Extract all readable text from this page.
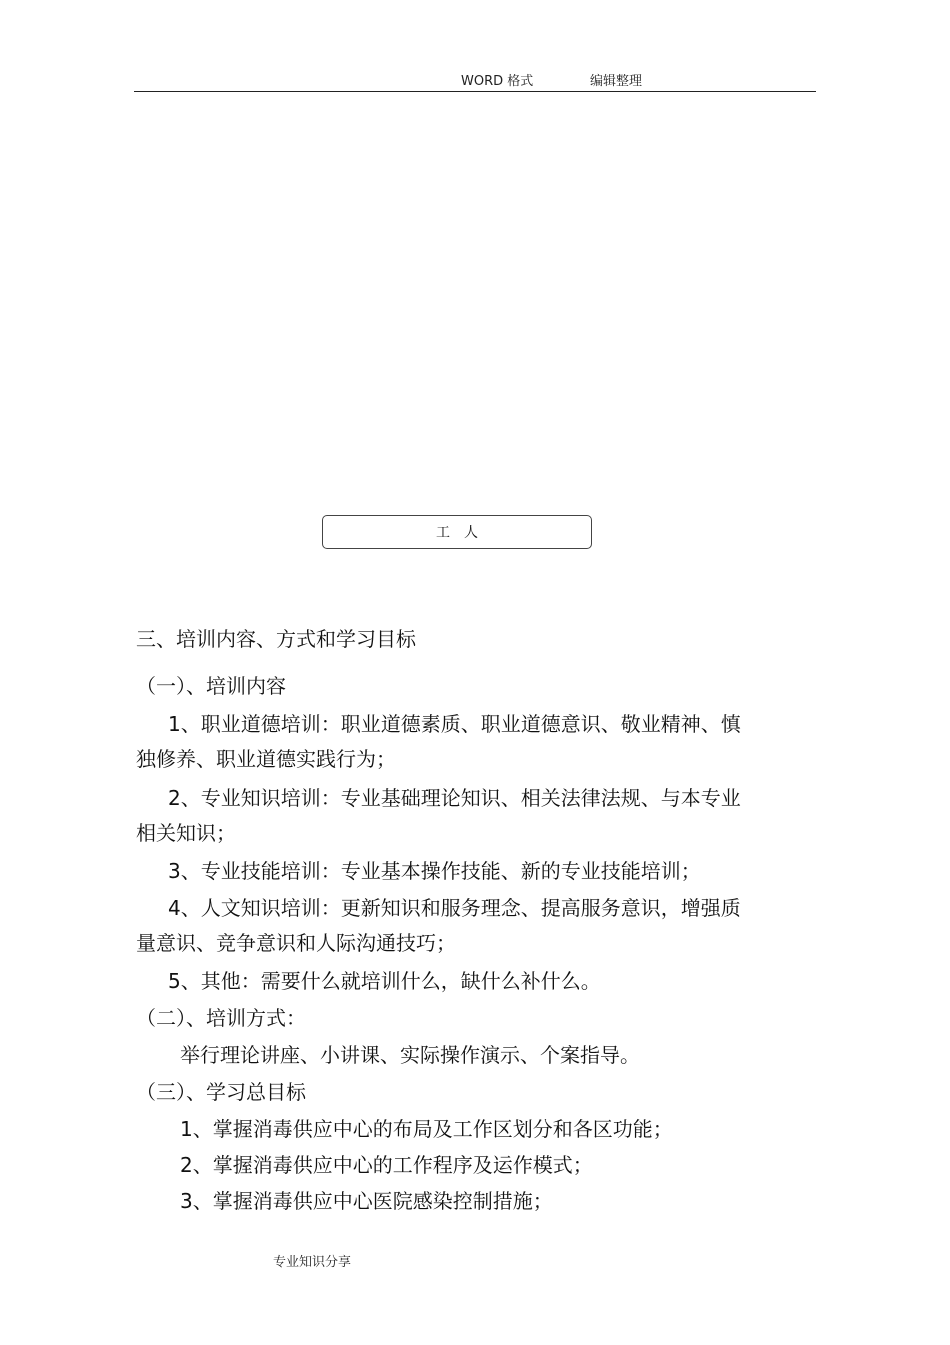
WORD 格式	编辑整理
工人
三、培训内容、方式和学习目标
（一）、培训内容
1、职业道德培训：职业道德素质、职业道德意识、敬业精神、慎
独修养、职业道德实践行为；
2、专业知识培训：专业基础理论知识、相关法律法规、与本专业
相关知识；
3、专业技能培训：专业基本操作技能、新的专业技能培训；
4、人文知识培训：更新知识和服务理念、提高服务意识，增强质
量意识、竞争意识和人际沟通技巧；
5、其他：需要什么就培训什么，缺什么补什么。
（二）、培训方式：
举行理论讲座、小讲课、实际操作演示、个案指导。
（三）、学习总目标
1、掌握消毒供应中心的布局及工作区划分和各区功能；
2、掌握消毒供应中心的工作程序及运作模式；
3、掌握消毒供应中心医院感染控制措施；
专业知识分享
